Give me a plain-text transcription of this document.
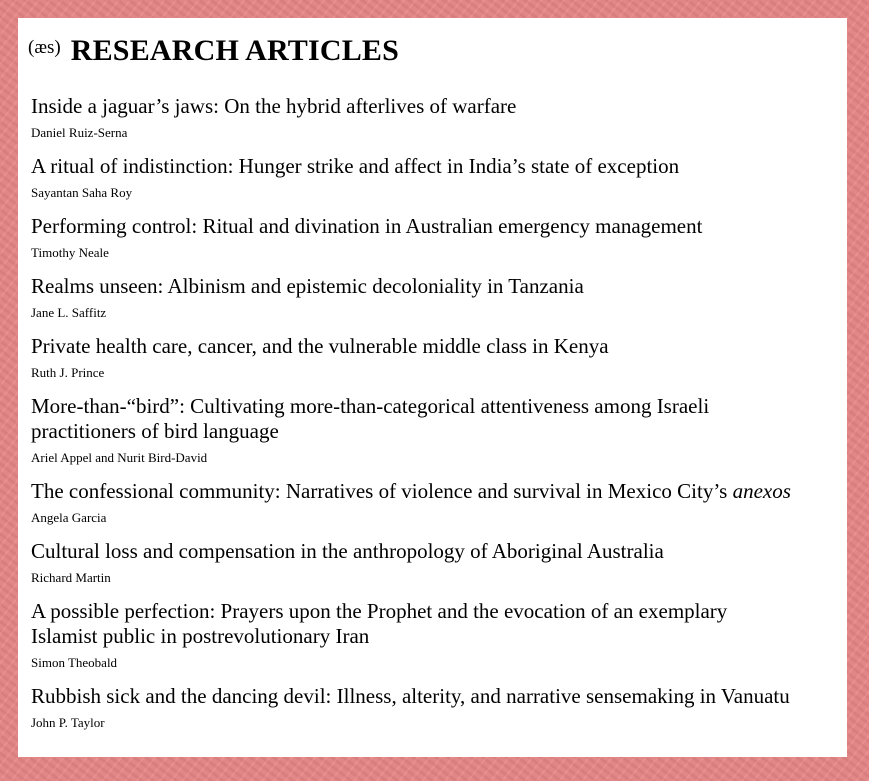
(æs) RESEARCH ARTICLES
Inside a jaguar’s jaws: On the hybrid afterlives of warfare
Daniel Ruiz-Serna
A ritual of indistinction: Hunger strike and affect in India’s state of exception
Sayantan Saha Roy
Performing control: Ritual and divination in Australian emergency management
Timothy Neale
Realms unseen: Albinism and epistemic decoloniality in Tanzania
Jane L. Saffitz
Private health care, cancer, and the vulnerable middle class in Kenya
Ruth J. Prince
More-than-“bird”: Cultivating more-than-categorical attentiveness among Israeli practitioners of bird language
Ariel Appel and Nurit Bird-David
The confessional community: Narratives of violence and survival in Mexico City’s anexos
Angela Garcia
Cultural loss and compensation in the anthropology of Aboriginal Australia
Richard Martin
A possible perfection: Prayers upon the Prophet and the evocation of an exemplary Islamist public in postrevolutionary Iran
Simon Theobald
Rubbish sick and the dancing devil: Illness, alterity, and narrative sensemaking in Vanuatu
John P. Taylor
